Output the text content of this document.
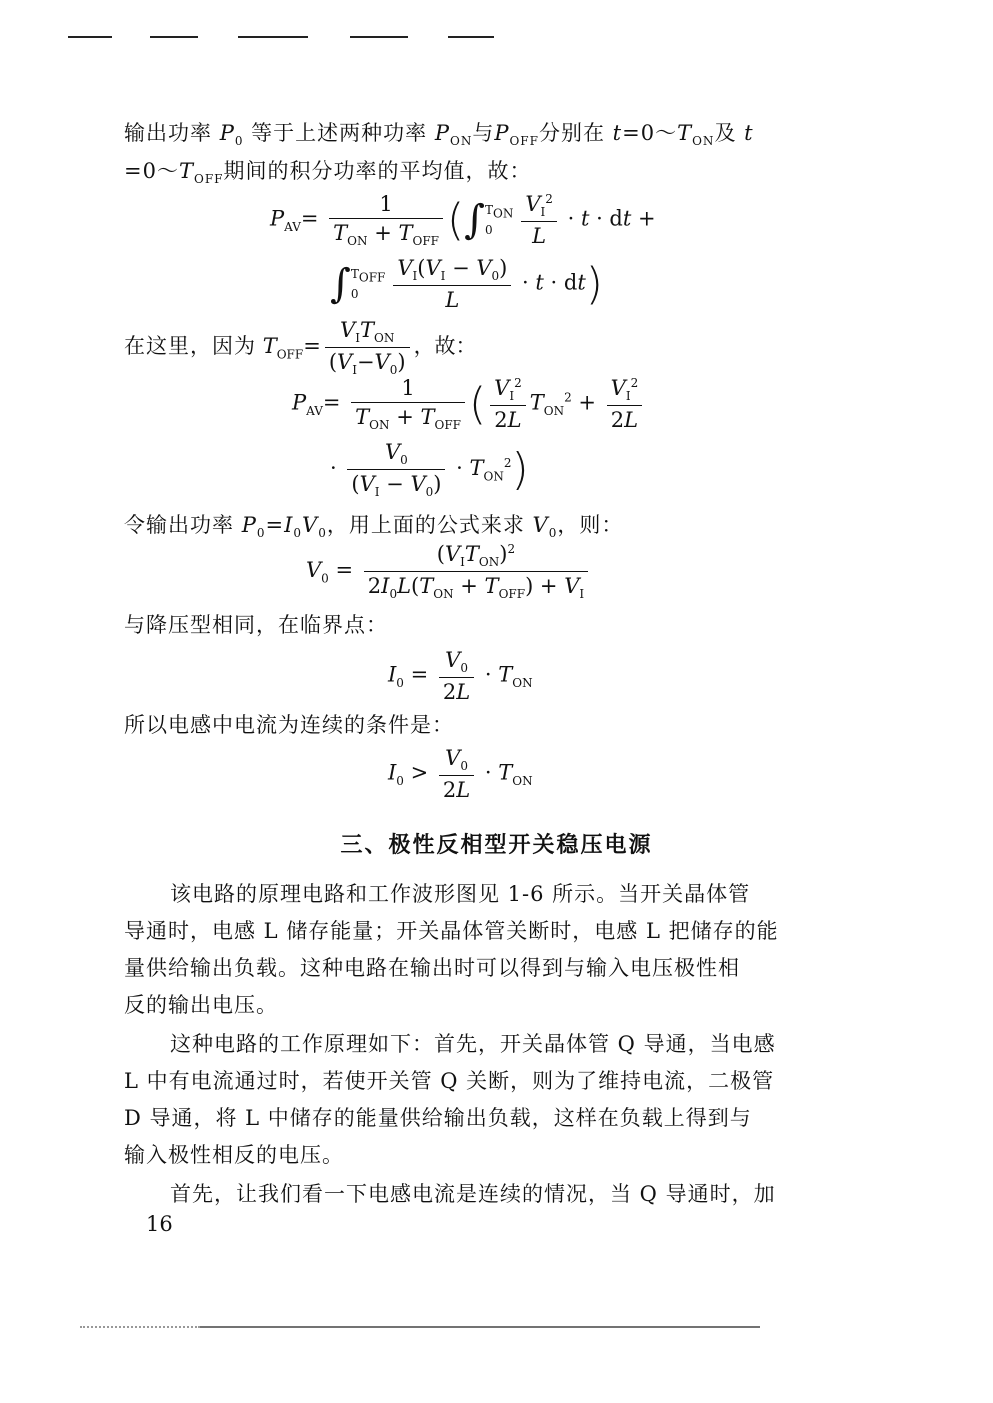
输出功率 $P_0$ 等于上述两种功率 $P_{ON}$与$P_{OFF}$分别在 $t=0\sim T_{ON}$及 t
$=0\sim T_{OFF}$期间的积分功率的平均值，故：
$P_{AV}= \frac{1}{T_{ON} + T_{OFF}}$ (∫ $T_{ON}$
0	$\frac{V_I^2}{L} \cdot t$ · dt +
∫ $T_{OFF}$
0	$\frac{V_I(V_I - V_0)}{L} \cdot t \cdot dt$)
在这里，因为 $T_{OFF}= \frac{V_IT_{ON}}{(V_I-V_0)}$ ，故：
$P_{AV}= \frac{1}{T_{ON} + T_{OFF}}$ ( $\frac{V_I^2}{2L} T_{ON}^2 + \frac{V_I^2}{2L}$
· $\frac{V_0}{(V_I - V_0)} \cdot T_{ON}^2$)
令输出功率 $P_0=I_0V_0$，用上面的公式来求 $V_0$，则：
$V_0 = \frac{(V_IT_{ON})^2}{2I_0L(T_{ON} + T_{OFF}) + V_I}$
与降压型相同，在临界点：
$I_0 = \frac{V_0}{2L} \cdot T_{ON}$
所以电感中电流为连续的条件是：
$I_0 > \frac{V_0}{2L} \cdot T_{ON}$
三、极性反相型开关稳压电源
该电路的原理电路和工作波形图见 1-6 所示。当开关晶体管
导通时，电感 L 储存能量；开关晶体管关断时，电感 L 把储存的能
量供给输出负载。这种电路在输出时可以得到与输入电压极性相
反的输出电压。
这种电路的工作原理如下：首先，开关晶体管 Q 导通，当电感
L 中有电流通过时，若使开关管 Q 关断，则为了维持电流，二极管
D 导通，将 L 中储存的能量供给输出负载，这样在负载上得到与
输入极性相反的电压。
首先，让我们看一下电感电流是连续的情况，当 Q 导通时，加
16
